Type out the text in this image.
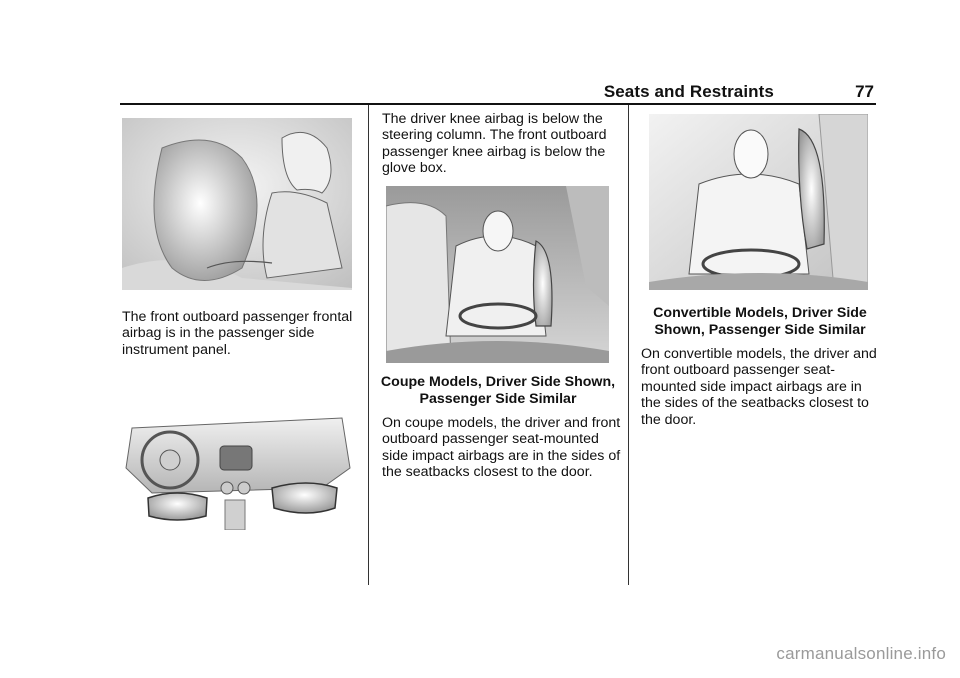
Seats and Restraints	77
The front outboard passenger frontal airbag is in the passenger side instrument panel.
The driver knee airbag is below the steering column. The front outboard passenger knee airbag is below the glove box.
Coupe Models, Driver Side Shown,
Passenger Side Similar
On coupe models, the driver and front outboard passenger seat-mounted side impact airbags are in the sides of the seatbacks closest to the door.
Convertible Models, Driver Side
Shown, Passenger Side Similar
On convertible models, the driver and front outboard passenger seat-mounted side impact airbags are in the sides of the seatbacks closest to the door.
carmanualsonline.info
